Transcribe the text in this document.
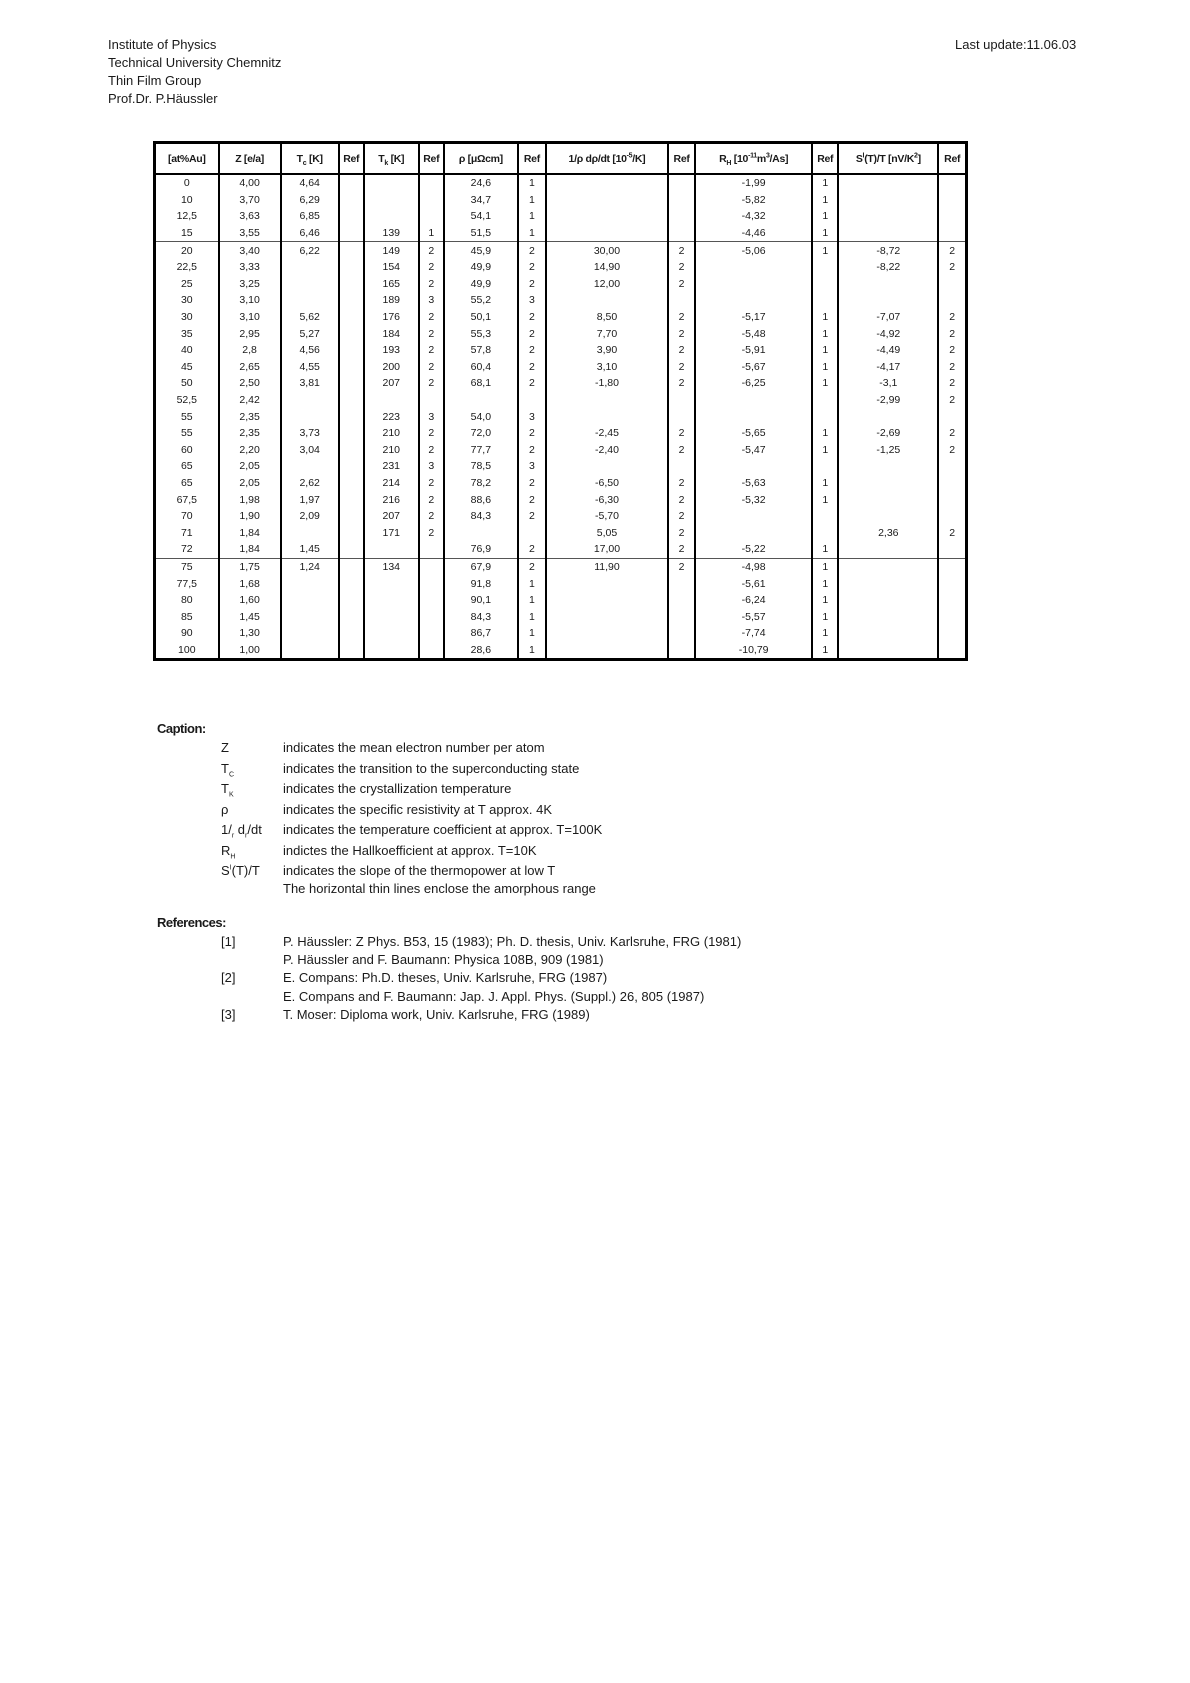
Institute of Physics
Technical University Chemnitz
Thin Film Group
Prof.Dr. P.Häussler
Last update:11.06.03
[at%Au]	Z [e/a]	$T_c$ [K]	Ref	$T_k$ [K]	Ref	ρ [μΩcm]	Ref	1/ρ dρ/dt $[10^{-5}/K]$	Ref	$R_H$ $[10^{-11}m^3/As]$	Ref	$S^I(T)/T$ $[nV/K^2]$	Ref
0	4,00	4,64				24,6	1			-1,99	1		
10	3,70	6,29				34,7	1			-5,82	1		
12,5	3,63	6,85				54,1	1			-4,32	1		
15	3,55	6,46		139	1	51,5	1			-4,46	1		
20	3,40	6,22		149	2	45,9	2	30,00	2	-5,06	1	-8,72	2
22,5	3,33			154	2	49,9	2	14,90	2			-8,22	2
25	3,25			165	2	49,9	2	12,00	2				
30	3,10			189	3	55,2	3						
30	3,10	5,62		176	2	50,1	2	8,50	2	-5,17	1	-7,07	2
35	2,95	5,27		184	2	55,3	2	7,70	2	-5,48	1	-4,92	2
40	2,8	4,56		193	2	57,8	2	3,90	2	-5,91	1	-4,49	2
45	2,65	4,55		200	2	60,4	2	3,10	2	-5,67	1	-4,17	2
50	2,50	3,81		207	2	68,1	2	-1,80	2	-6,25	1	-3,1	2
52,5	2,42											-2,99	2
55	2,35			223	3	54,0	3						
55	2,35	3,73		210	2	72,0	2	-2,45	2	-5,65	1	-2,69	2
60	2,20	3,04		210	2	77,7	2	-2,40	2	-5,47	1	-1,25	2
65	2,05			231	3	78,5	3						
65	2,05	2,62		214	2	78,2	2	-6,50	2	-5,63	1		
67,5	1,98	1,97		216	2	88,6	2	-6,30	2	-5,32	1		
70	1,90	2,09		207	2	84,3	2	-5,70	2				
71	1,84			171	2			5,05	2			2,36	2
72	1,84	1,45				76,9	2	17,00	2	-5,22	1		
75	1,75	1,24		134		67,9	2	11,90	2	-4,98	1		
77,5	1,68					91,8	1			-5,61	1		
80	1,60					90,1	1			-6,24	1		
85	1,45					84,3	1			-5,57	1		
90	1,30					86,7	1			-7,74	1		
100	1,00					28,6	1			-10,79	1		
Caption:
Z	indicates the mean electron number per atom
$T_C$	indicates the transition to the superconducting state
$T_K$	indicates the crystallization temperature
ρ	indicates the specific resistivity at T approx. 4K
$1/_r$ $d_r/dt$ indicates the temperature coefficient at approx. T=100K
$R_H$	indictes the Hallkoefficient at approx. T=10K
$S^I(T)/T$ indicates the slope of the thermopower at low T
The horizontal thin lines enclose the amorphous range
References:
[1]	P. Häussler: Z Phys. B53, 15 (1983); Ph. D. thesis, Univ. Karlsruhe, FRG (1981)
P. Häussler and F. Baumann: Physica 108B, 909 (1981)
[2]	E. Compans: Ph.D. theses, Univ. Karlsruhe, FRG (1987)
E. Compans and F. Baumann: Jap. J. Appl. Phys. (Suppl.) 26, 805 (1987)
[3]	T. Moser: Diploma work, Univ. Karlsruhe, FRG (1989)
